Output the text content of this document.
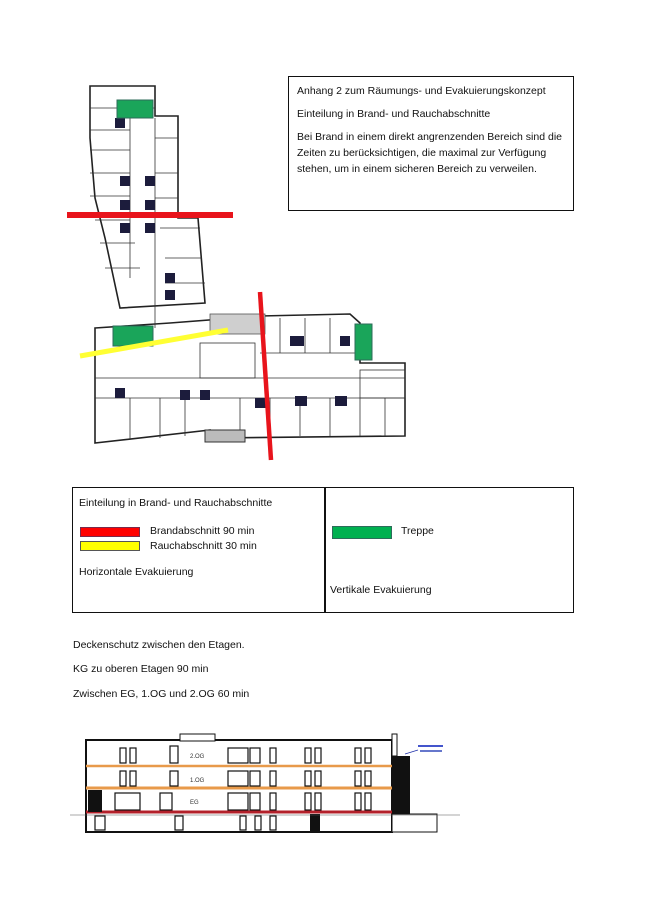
Anhang 2 zum Räumungs- und Evakuierungskonzept

Einteilung in Brand- und Rauchabschnitte

Bei Brand in einem direkt angrenzenden Bereich sind die Zeiten zu berücksichtigen, die maximal zur Verfügung stehen, um in einem sicheren Bereich zu verweilen.

Einteilung in Brand- und Rauchabschnitte
Brandabschnitt 90 min
Rauchabschnitt 30 min
Horizontale Evakuierung
Treppe
Vertikale Evakuierung
Deckenschutz zwischen den Etagen.
KG zu oberen Etagen 90 min
Zwischen EG, 1.OG und 2.OG 60 min
2.OG
1.OG
EG
